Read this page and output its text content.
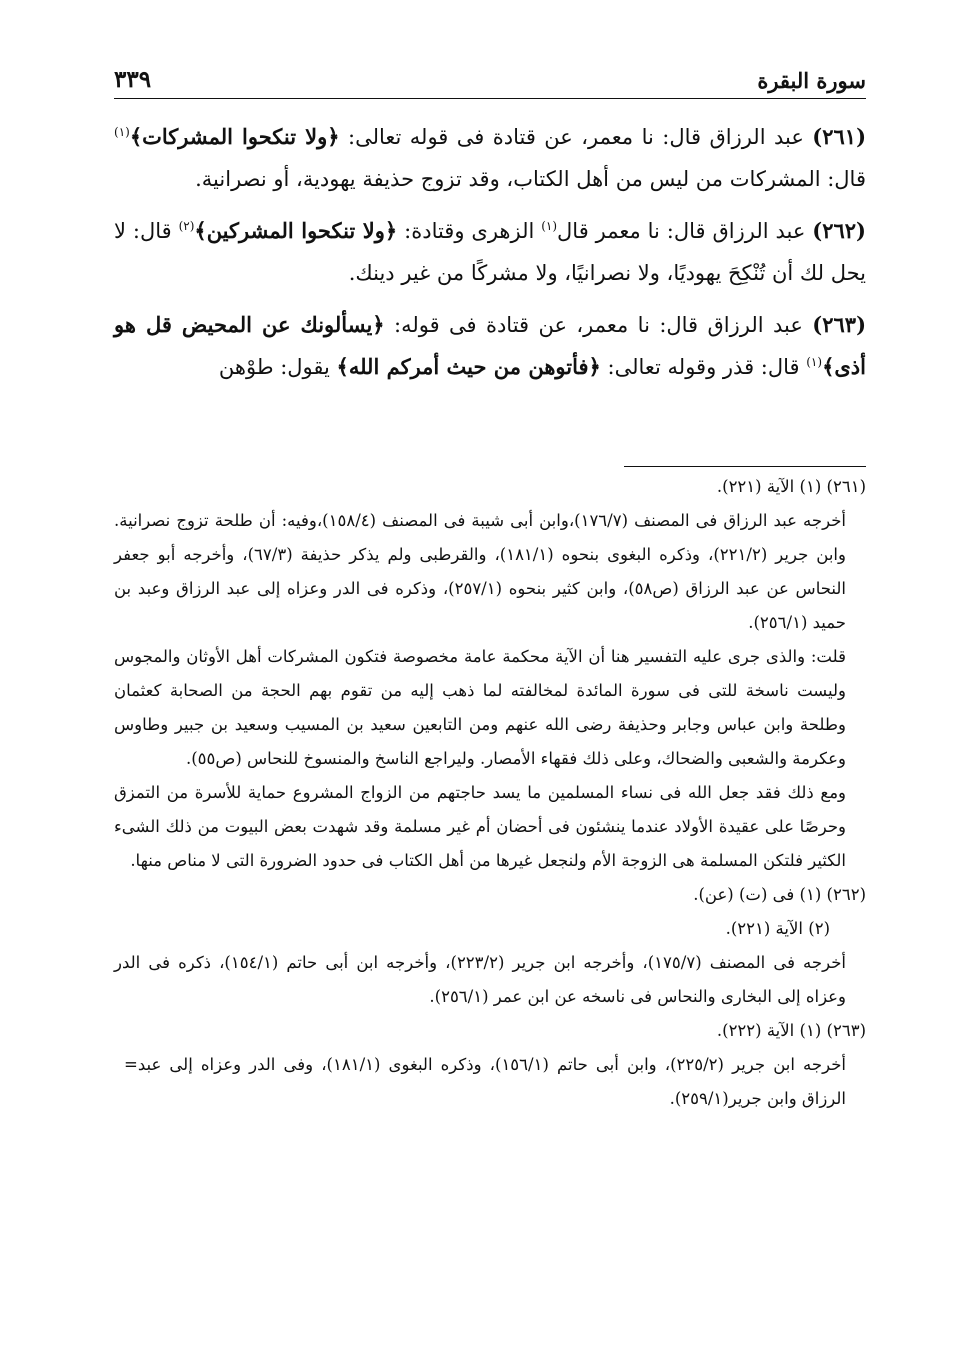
سورة البقرة
٣٣٩

(٢٦١) عبد الرزاق قال: نا معمر، عن قتادة فى قوله تعالى: ﴿ولا تنكحوا المشركات﴾$^{(١)}$ قال: المشركات من ليس من أهل الكتاب، وقد تزوج حذيفة يهودية، أو نصرانية.

(٢٦٢) عبد الرزاق قال: نا معمر قال$^{(١)}$ الزهرى وقتادة: ﴿ولا تنكحوا المشركين﴾$^{(٢)}$ قال: لا يحل لك أن تُنْكِحَ يهوديًا، ولا نصرانيًا، ولا مشركًا من غير دينك.

(٢٦٣) عبد الرزاق قال: نا معمر، عن قتادة فى قوله: ﴿يسألونك عن المحيض قل هو أذى﴾$^{(١)}$ قال: قذر وقوله تعالى: ﴿فأتوهن من حيث أمركم الله﴾ يقول: طوْهن

(٢٦١) (١) الآية (٢٢١).

أخرجه عبد الرزاق فى المصنف (١٧٦/٧)،وابن أبى شيبة فى المصنف (١٥٨/٤)،وفيه: أن طلحة تزوج نصرانية. وابن جرير (٢٢١/٢)، وذكره البغوى بنحوه (١٨١/١)، والقرطبى ولم يذكر حذيفة (٦٧/٣)، وأخرجه أبو جعفر النحاس عن عبد الرزاق (ص٥٨)، وابن كثير بنحوه (٢٥٧/١)، وذكره فى الدر وعزاه إلى عبد الرزاق وعبد بن حميد (٢٥٦/١).

قلت: والذى جرى عليه التفسير هنا أن الآية محكمة عامة مخصوصة فتكون المشركات أهل الأوثان والمجوس وليست ناسخة للتى فى سورة المائدة لمخالفته لما ذهب إليه من تقوم بهم الحجة من الصحابة كعثمان وطلحة وابن عباس وجابر وحذيفة رضى الله عنهم ومن التابعين سعيد بن المسيب وسعيد بن جبير وطاوس وعكرمة والشعبى والضحاك، وعلى ذلك فقهاء الأمصار. وليراجع الناسخ والمنسوخ للنحاس (ص٥٥).

ومع ذلك فقد جعل الله فى نساء المسلمين ما يسد حاجتهم من الزواج المشروع حماية للأسرة من التمزق وحرصًا على عقيدة الأولاد عندما ينشئون فى أحضان أم غير مسلمة وقد شهدت بعض البيوت من ذلك الشىء الكثير فلتكن المسلمة هى الزوجة الأم ولنجعل غيرها من أهل الكتاب فى حدود الضرورة التى لا مناص منها.

(٢٦٢) (١) فى (ت) (عن).

(٢) الآية (٢٢١).

أخرجه فى المصنف (١٧٥/٧)، وأخرجه ابن جرير (٢٢٣/٢)، وأخرجه ابن أبى حاتم (١٥٤/١)، ذكره فى الدر وعزاه إلى البخارى والنحاس فى ناسخه عن ابن عمر (٢٥٦/١).

(٢٦٣) (١) الآية (٢٢٢).

أخرجه ابن جرير (٢٢٥/٢)، وابن أبى حاتم (١٥٦/١)، وذكره البغوى (١٨١/١)، وفى الدر وعزاه إلى عبد الرزاق وابن جرير(٢٥٩/١).
=
